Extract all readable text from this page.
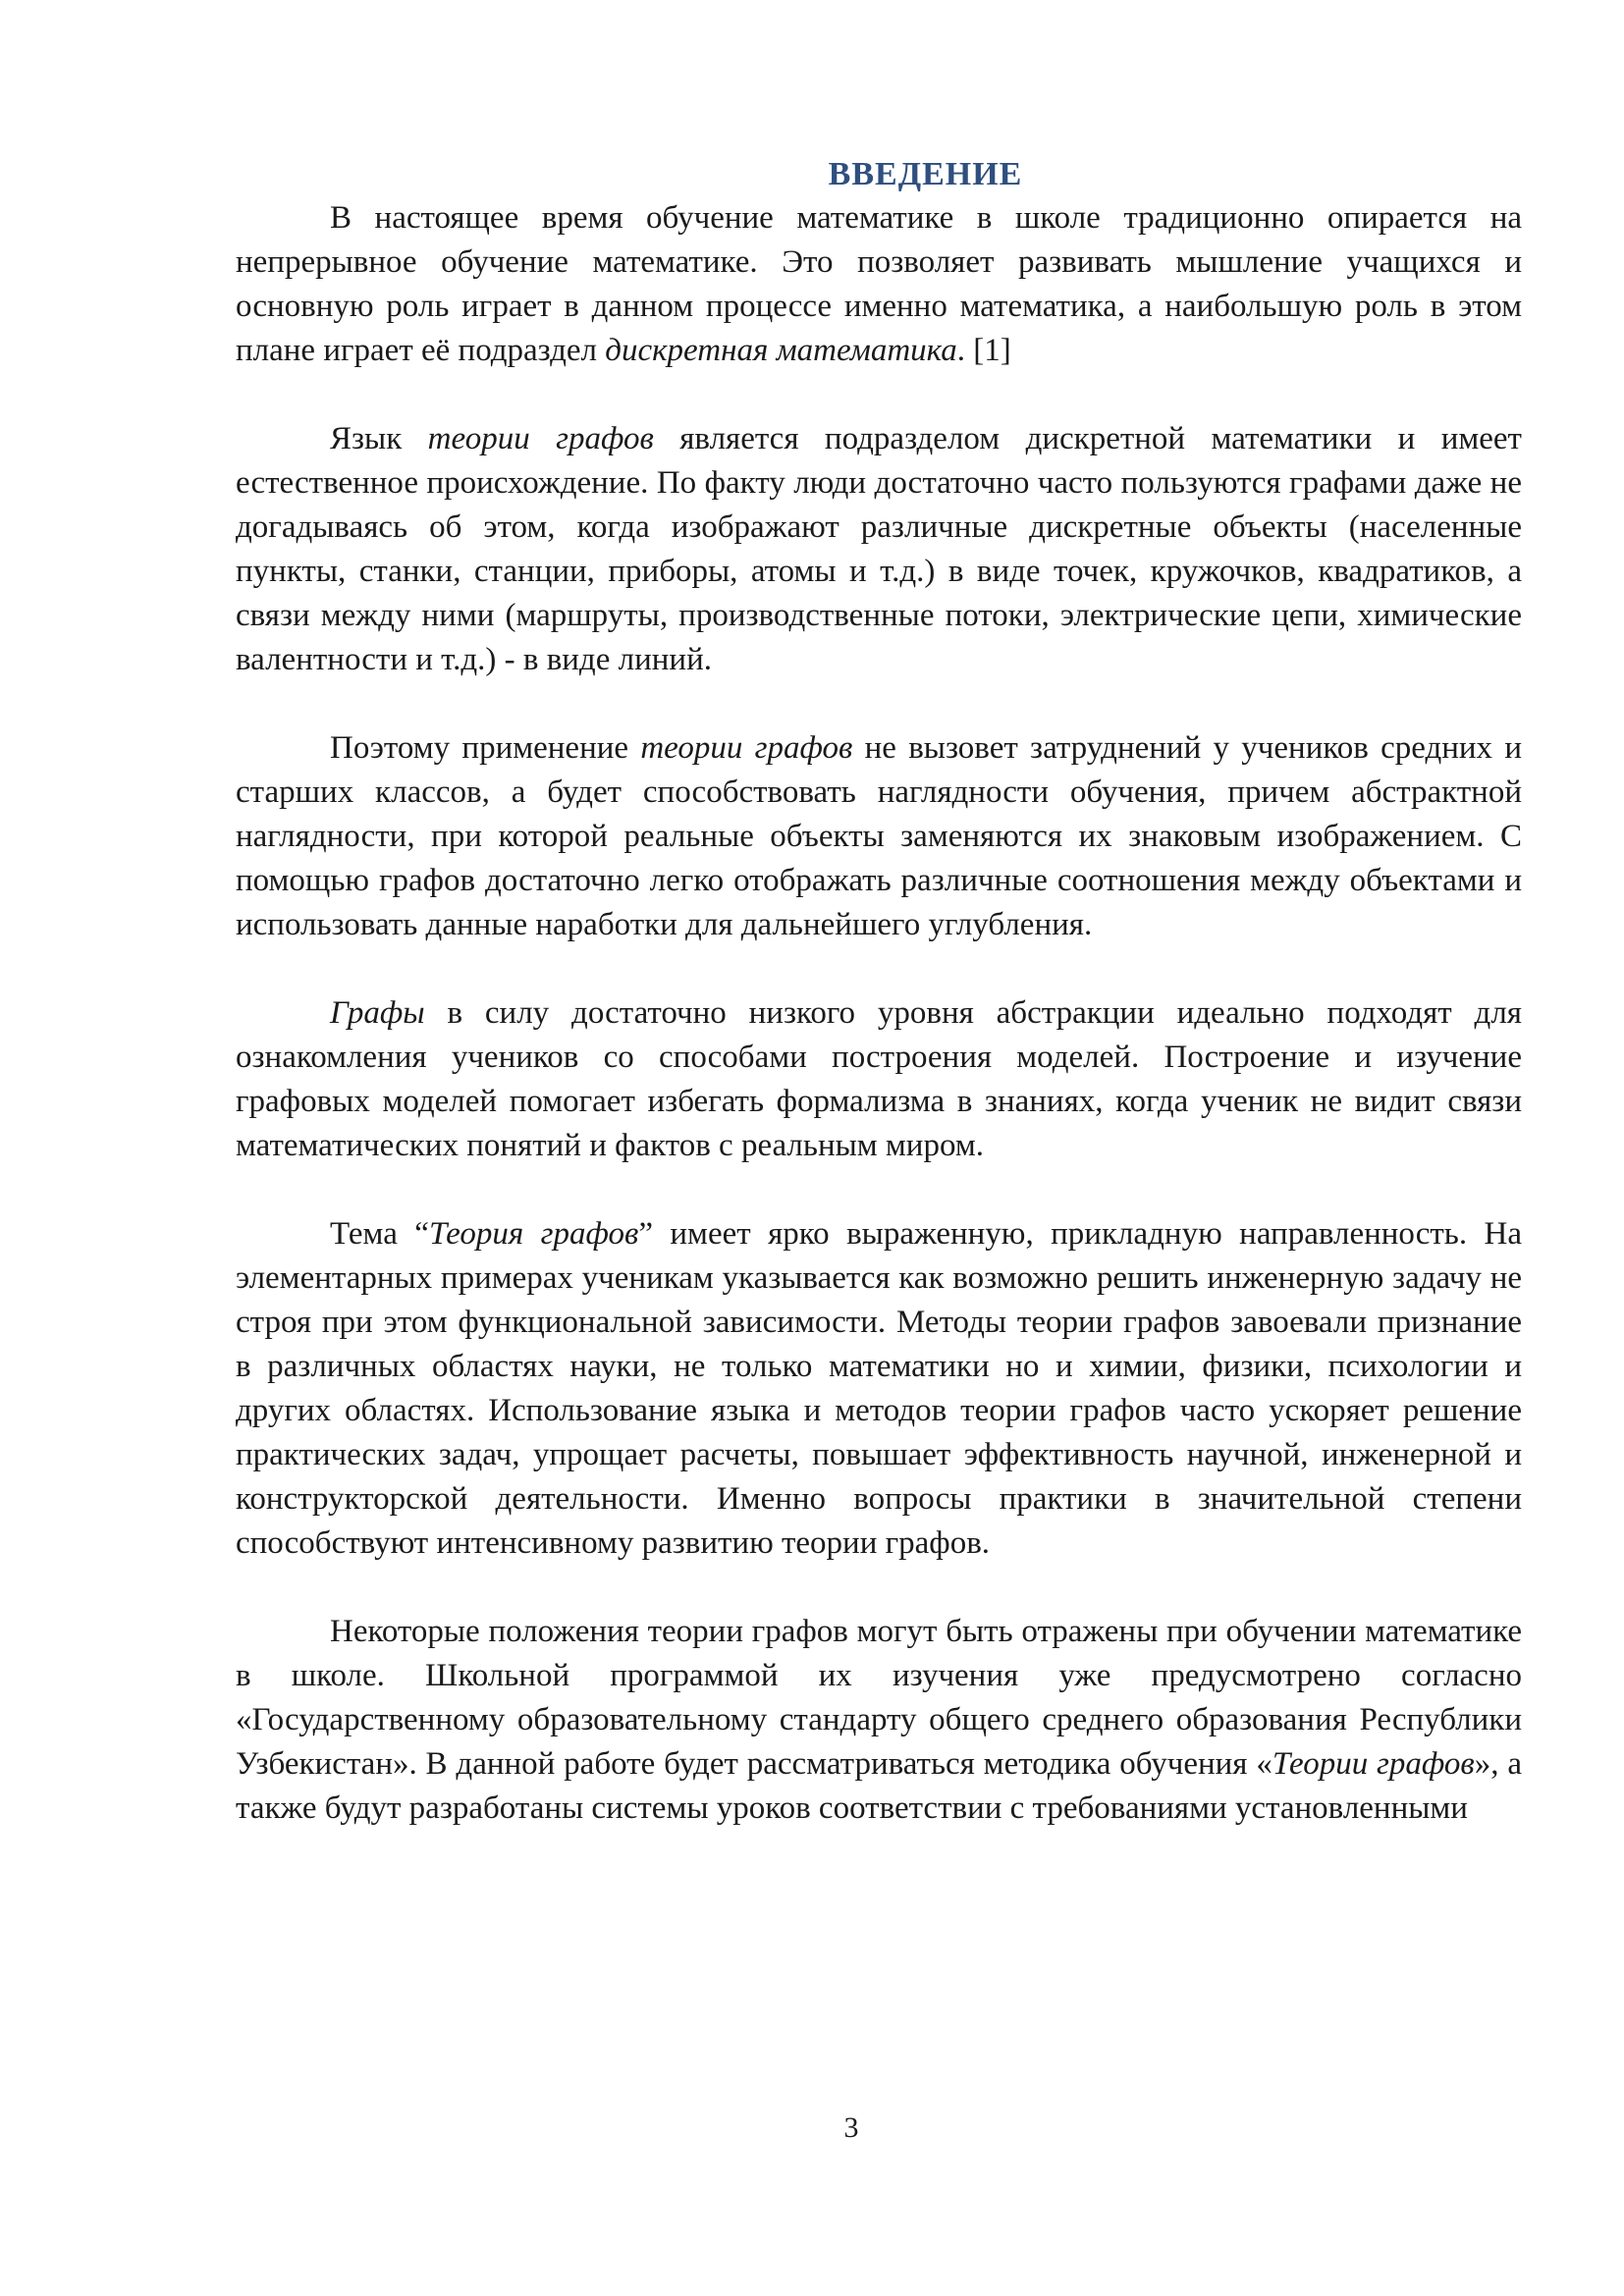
ВВЕДЕНИЕ

В настоящее время обучение математике в школе традиционно опирается на непрерывное обучение математике. Это позволяет развивать мышление учащихся и основную роль играет в данном процессе именно математика, а наибольшую роль в этом плане играет её подраздел дискретная математика. [1]

Язык теории графов является подразделом дискретной математики и имеет естественное происхождение. По факту люди достаточно часто пользуются графами даже не догадываясь об этом, когда изображают различные дискретные объекты (населенные пункты, станки, станции, приборы, атомы и т.д.) в виде точек, кружочков, квадратиков, а связи между ними (маршруты, производственные потоки, электрические цепи, химические валентности и т.д.) - в виде линий.

Поэтому применение теории графов не вызовет затруднений у учеников средних и старших классов, а будет способствовать наглядности обучения, причем абстрактной наглядности, при которой реальные объекты заменяются их знаковым изображением. С помощью графов достаточно легко отображать различные соотношения между объектами и использовать данные наработки для дальнейшего углубления.

Графы в силу достаточно низкого уровня абстракции идеально подходят для ознакомления учеников со способами построения моделей. Построение и изучение графовых моделей помогает избегать формализма в знаниях, когда ученик не видит связи математических понятий и фактов с реальным миром.

Тема “Теория графов” имеет ярко выраженную, прикладную направленность. На элементарных примерах ученикам указывается как возможно решить инженерную задачу не строя при этом функциональной зависимости. Методы теории графов завоевали признание в различных областях науки, не только математики но и химии, физики, психологии и других областях. Использование языка и методов теории графов часто ускоряет решение практических задач, упрощает расчеты, повышает эффективность научной, инженерной и конструкторской деятельности. Именно вопросы практики в значительной степени способствуют интенсивному развитию теории графов.

Некоторые положения теории графов могут быть отражены при обучении математике в школе. Школьной программой их изучения уже предусмотрено согласно «Государственному образовательному стандарту общего среднего образования Республики Узбекистан». В данной работе будет рассматриваться методика обучения «Теории графов», а также будут разработаны системы уроков соответствии с требованиями установленными

3
